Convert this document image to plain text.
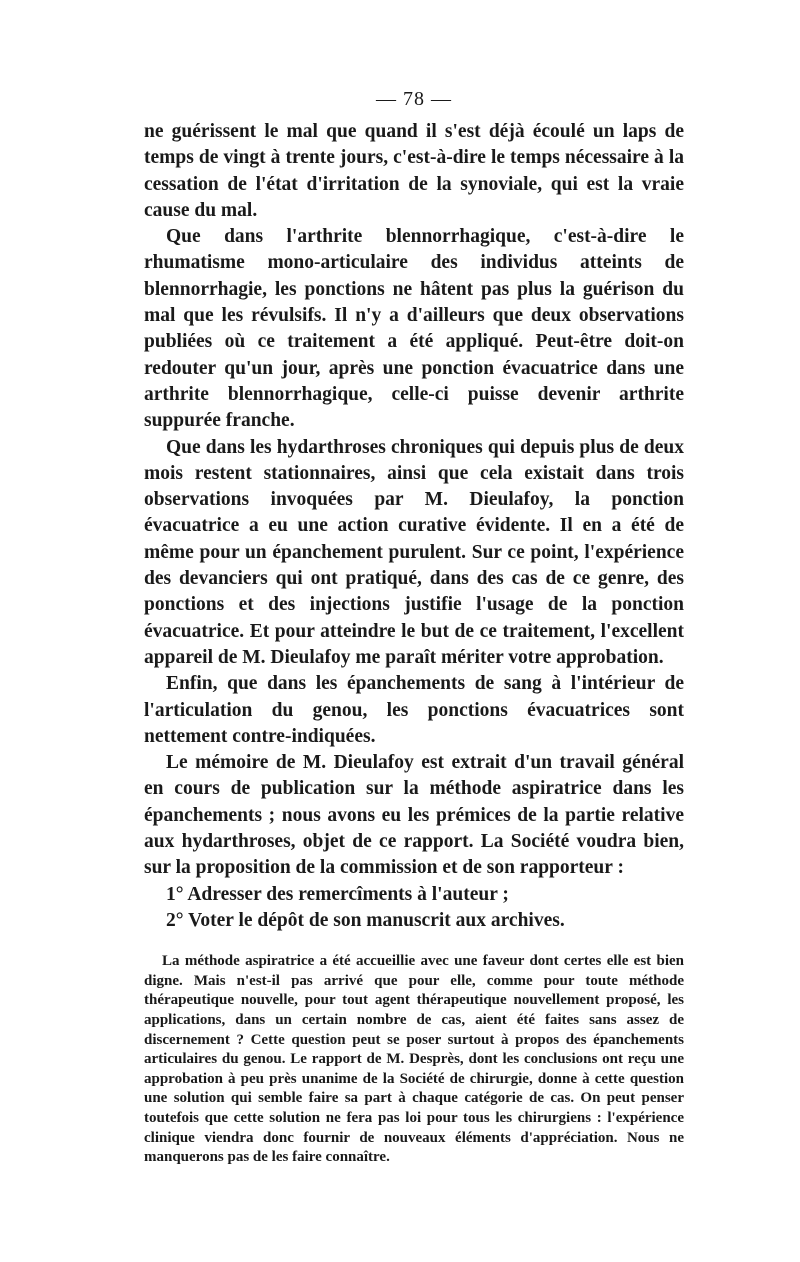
— 78 —

ne guérissent le mal que quand il s'est déjà écoulé un laps de temps de vingt à trente jours, c'est-à-dire le temps nécessaire à la cessation de l'état d'irritation de la synoviale, qui est la vraie cause du mal.

Que dans l'arthrite blennorrhagique, c'est-à-dire le rhumatisme mono-articulaire des individus atteints de blennorrhagie, les ponctions ne hâtent pas plus la guérison du mal que les révulsifs. Il n'y a d'ailleurs que deux observations publiées où ce traitement a été appliqué. Peut-être doit-on redouter qu'un jour, après une ponction évacuatrice dans une arthrite blennorrhagique, celle-ci puisse devenir arthrite suppurée franche.

Que dans les hydarthroses chroniques qui depuis plus de deux mois restent stationnaires, ainsi que cela existait dans trois observations invoquées par M. Dieulafoy, la ponction évacuatrice a eu une action curative évidente. Il en a été de même pour un épanchement purulent. Sur ce point, l'expérience des devanciers qui ont pratiqué, dans des cas de ce genre, des ponctions et des injections justifie l'usage de la ponction évacuatrice. Et pour atteindre le but de ce traitement, l'excellent appareil de M. Dieulafoy me paraît mériter votre approbation.

Enfin, que dans les épanchements de sang à l'intérieur de l'articulation du genou, les ponctions évacuatrices sont nettement contre-indiquées.

Le mémoire de M. Dieulafoy est extrait d'un travail général en cours de publication sur la méthode aspiratrice dans les épanchements ; nous avons eu les prémices de la partie relative aux hydarthroses, objet de ce rapport. La Société voudra bien, sur la proposition de la commission et de son rapporteur :

1° Adresser des remercîments à l'auteur ;

2° Voter le dépôt de son manuscrit aux archives.

La méthode aspiratrice a été accueillie avec une faveur dont certes elle est bien digne. Mais n'est-il pas arrivé que pour elle, comme pour toute méthode thérapeutique nouvelle, pour tout agent thérapeutique nouvellement proposé, les applications, dans un certain nombre de cas, aient été faites sans assez de discernement ? Cette question peut se poser surtout à propos des épanchements articulaires du genou. Le rapport de M. Desprès, dont les conclusions ont reçu une approbation à peu près unanime de la Société de chirurgie, donne à cette question une solution qui semble faire sa part à chaque catégorie de cas. On peut penser toutefois que cette solution ne fera pas loi pour tous les chirurgiens : l'expérience clinique viendra donc fournir de nouveaux éléments d'appréciation. Nous ne manquerons pas de les faire connaître.
